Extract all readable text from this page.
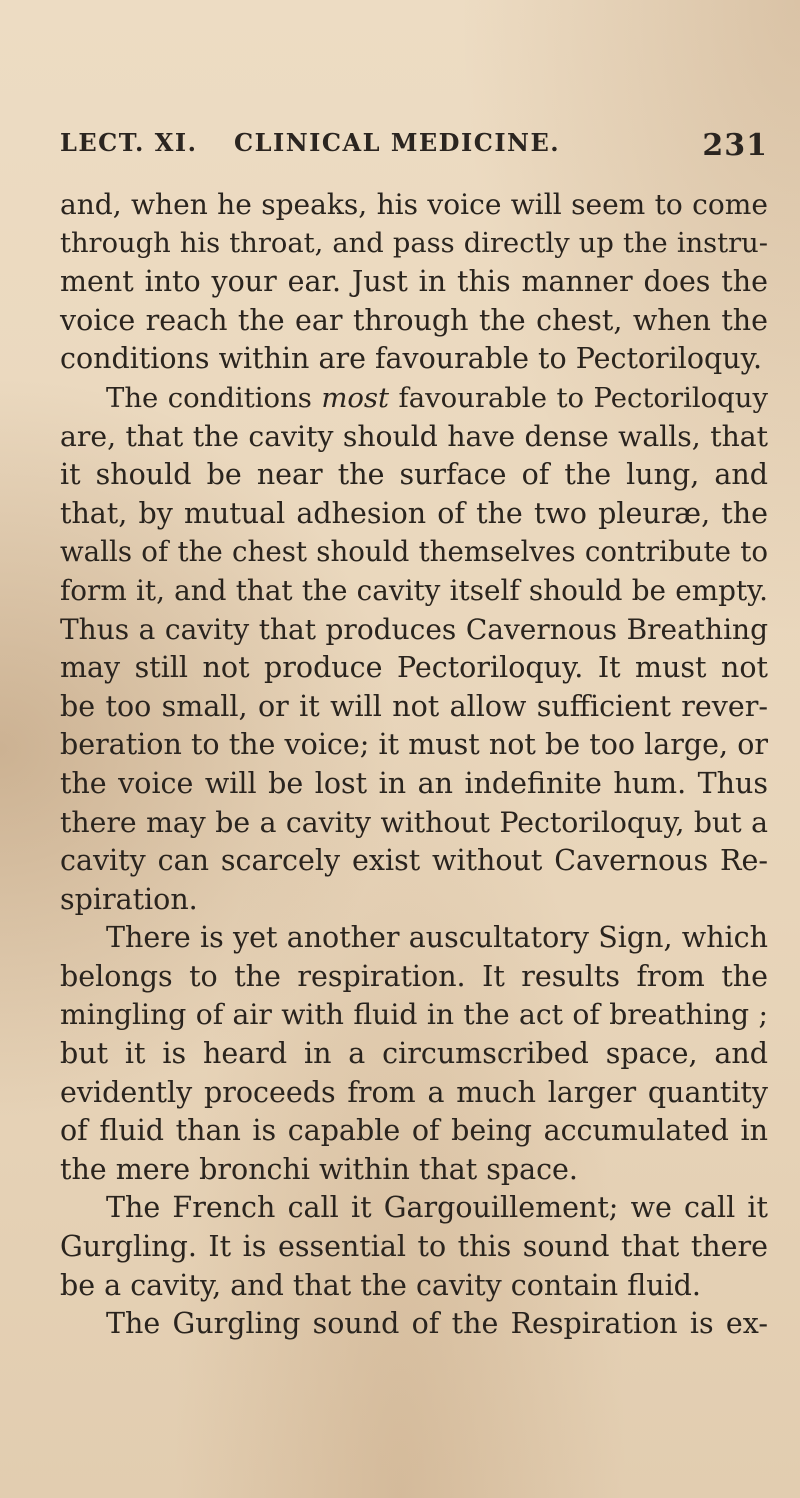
LECT. XI. CLINICAL MEDICINE.	231
and, when he speaks, his voice will seem to come
through his throat, and pass directly up the instru-
ment into your ear. Just in this manner does the
voice reach the ear through the chest, when the
conditions within are favourable to Pectoriloquy.
The conditions most favourable to Pectoriloquy
are, that the cavity should have dense walls, that
it should be near the surface of the lung, and
that, by mutual adhesion of the two pleuræ, the
walls of the chest should themselves contribute to
form it, and that the cavity itself should be empty.
Thus a cavity that produces Cavernous Breathing
may still not produce Pectoriloquy. It must not
be too small, or it will not allow sufficient rever-
beration to the voice; it must not be too large, or
the voice will be lost in an indefinite hum. Thus
there may be a cavity without Pectoriloquy, but a
cavity can scarcely exist without Cavernous Re-
spiration.
There is yet another auscultatory Sign, which
belongs to the respiration. It results from the
mingling of air with fluid in the act of breathing ;
but it is heard in a circumscribed space, and
evidently proceeds from a much larger quantity
of fluid than is capable of being accumulated in
the mere bronchi within that space.
The French call it Gargouillement; we call it
Gurgling. It is essential to this sound that there
be a cavity, and that the cavity contain fluid.
The Gurgling sound of the Respiration is ex-
